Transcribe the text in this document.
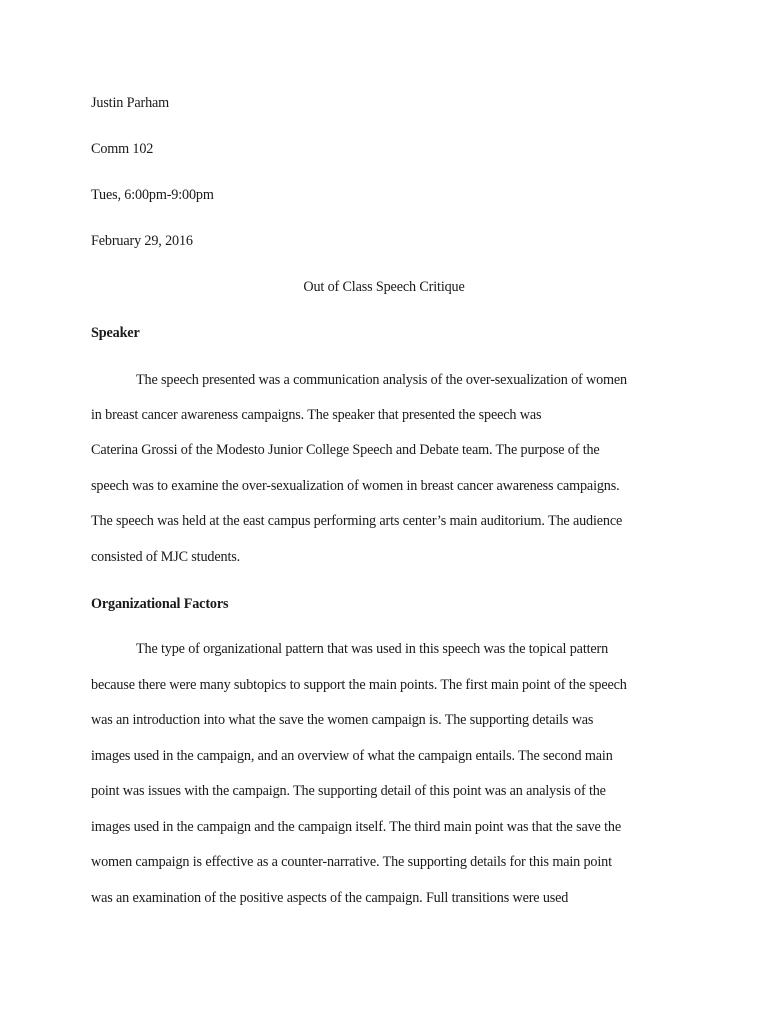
Justin Parham
Comm 102
Tues, 6:00pm-9:00pm
February 29, 2016
Out of Class Speech Critique
Speaker
The speech presented was a communication analysis of the over-sexualization of women
in breast cancer awareness campaigns. The speaker that presented the speech was
Caterina Grossi of the Modesto Junior College Speech and Debate team. The purpose of the
speech was to examine the over-sexualization of women in breast cancer awareness campaigns.
The speech was held at the east campus performing arts center’s main auditorium. The audience
consisted of MJC students.
Organizational Factors
The type of organizational pattern that was used in this speech was the topical pattern
because there were many subtopics to support the main points. The first main point of the speech
was an introduction into what the save the women campaign is. The supporting details was
images used in the campaign, and an overview of what the campaign entails. The second main
point was issues with the campaign. The supporting detail of this point was an analysis of the
images used in the campaign and the campaign itself. The third main point was that the save the
women campaign is effective as a counter-narrative. The supporting details for this main point
was an examination of the positive aspects of the campaign. Full transitions were used
